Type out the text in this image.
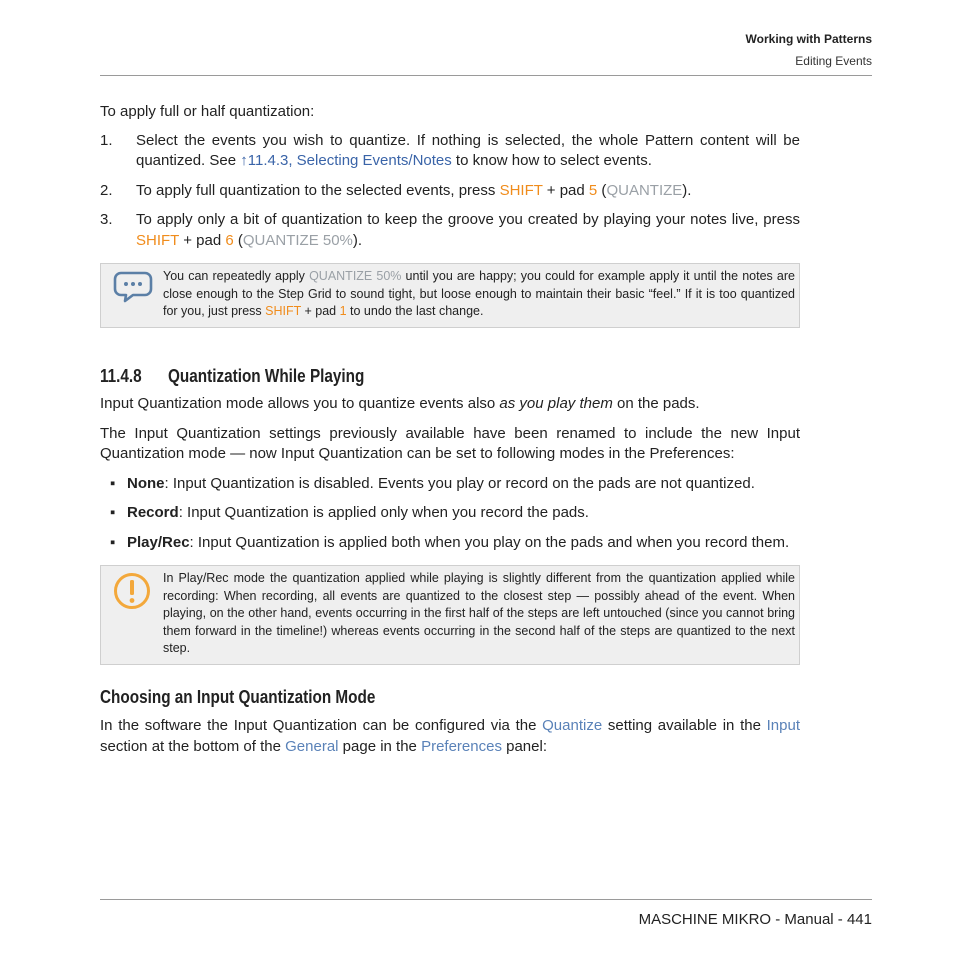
Working with Patterns
Editing Events

To apply full or half quantization:

1.	Select the events you wish to quantize. If nothing is selected, the whole Pattern content will be quantized. See ↑11.4.3, Selecting Events/Notes to know how to select events.
2.	To apply full quantization to the selected events, press SHIFT + pad 5 (QUANTIZE).
3.	To apply only a bit of quantization to keep the groove you created by playing your notes live, press SHIFT + pad 6 (QUANTIZE 50%).
You can repeatedly apply QUANTIZE 50% until you are happy; you could for example apply it until the notes are close enough to the Step Grid to sound tight, but loose enough to maintain their basic “feel.” If it is too quantized for you, just press SHIFT + pad 1 to undo the last change.
11.4.8 Quantization While Playing

Input Quantization mode allows you to quantize events also as you play them on the pads.

The Input Quantization settings previously available have been renamed to include the new Input Quantization mode — now Input Quantization can be set to following modes in the Preferences:

▪ None: Input Quantization is disabled. Events you play or record on the pads are not quantized.
▪ Record: Input Quantization is applied only when you record the pads.
▪ Play/Rec: Input Quantization is applied both when you play on the pads and when you record them.
In Play/Rec mode the quantization applied while playing is slightly different from the quantization applied while recording: When recording, all events are quantized to the closest step — possibly ahead of the event. When playing, on the other hand, events occurring in the first half of the steps are left untouched (since you cannot bring them forward in the timeline!) whereas events occurring in the second half of the steps are quantized to the next step.
Choosing an Input Quantization Mode

In the software the Input Quantization can be configured via the Quantize setting available in the Input section at the bottom of the General page in the Preferences panel:

MASCHINE MIKRO - Manual - 441
